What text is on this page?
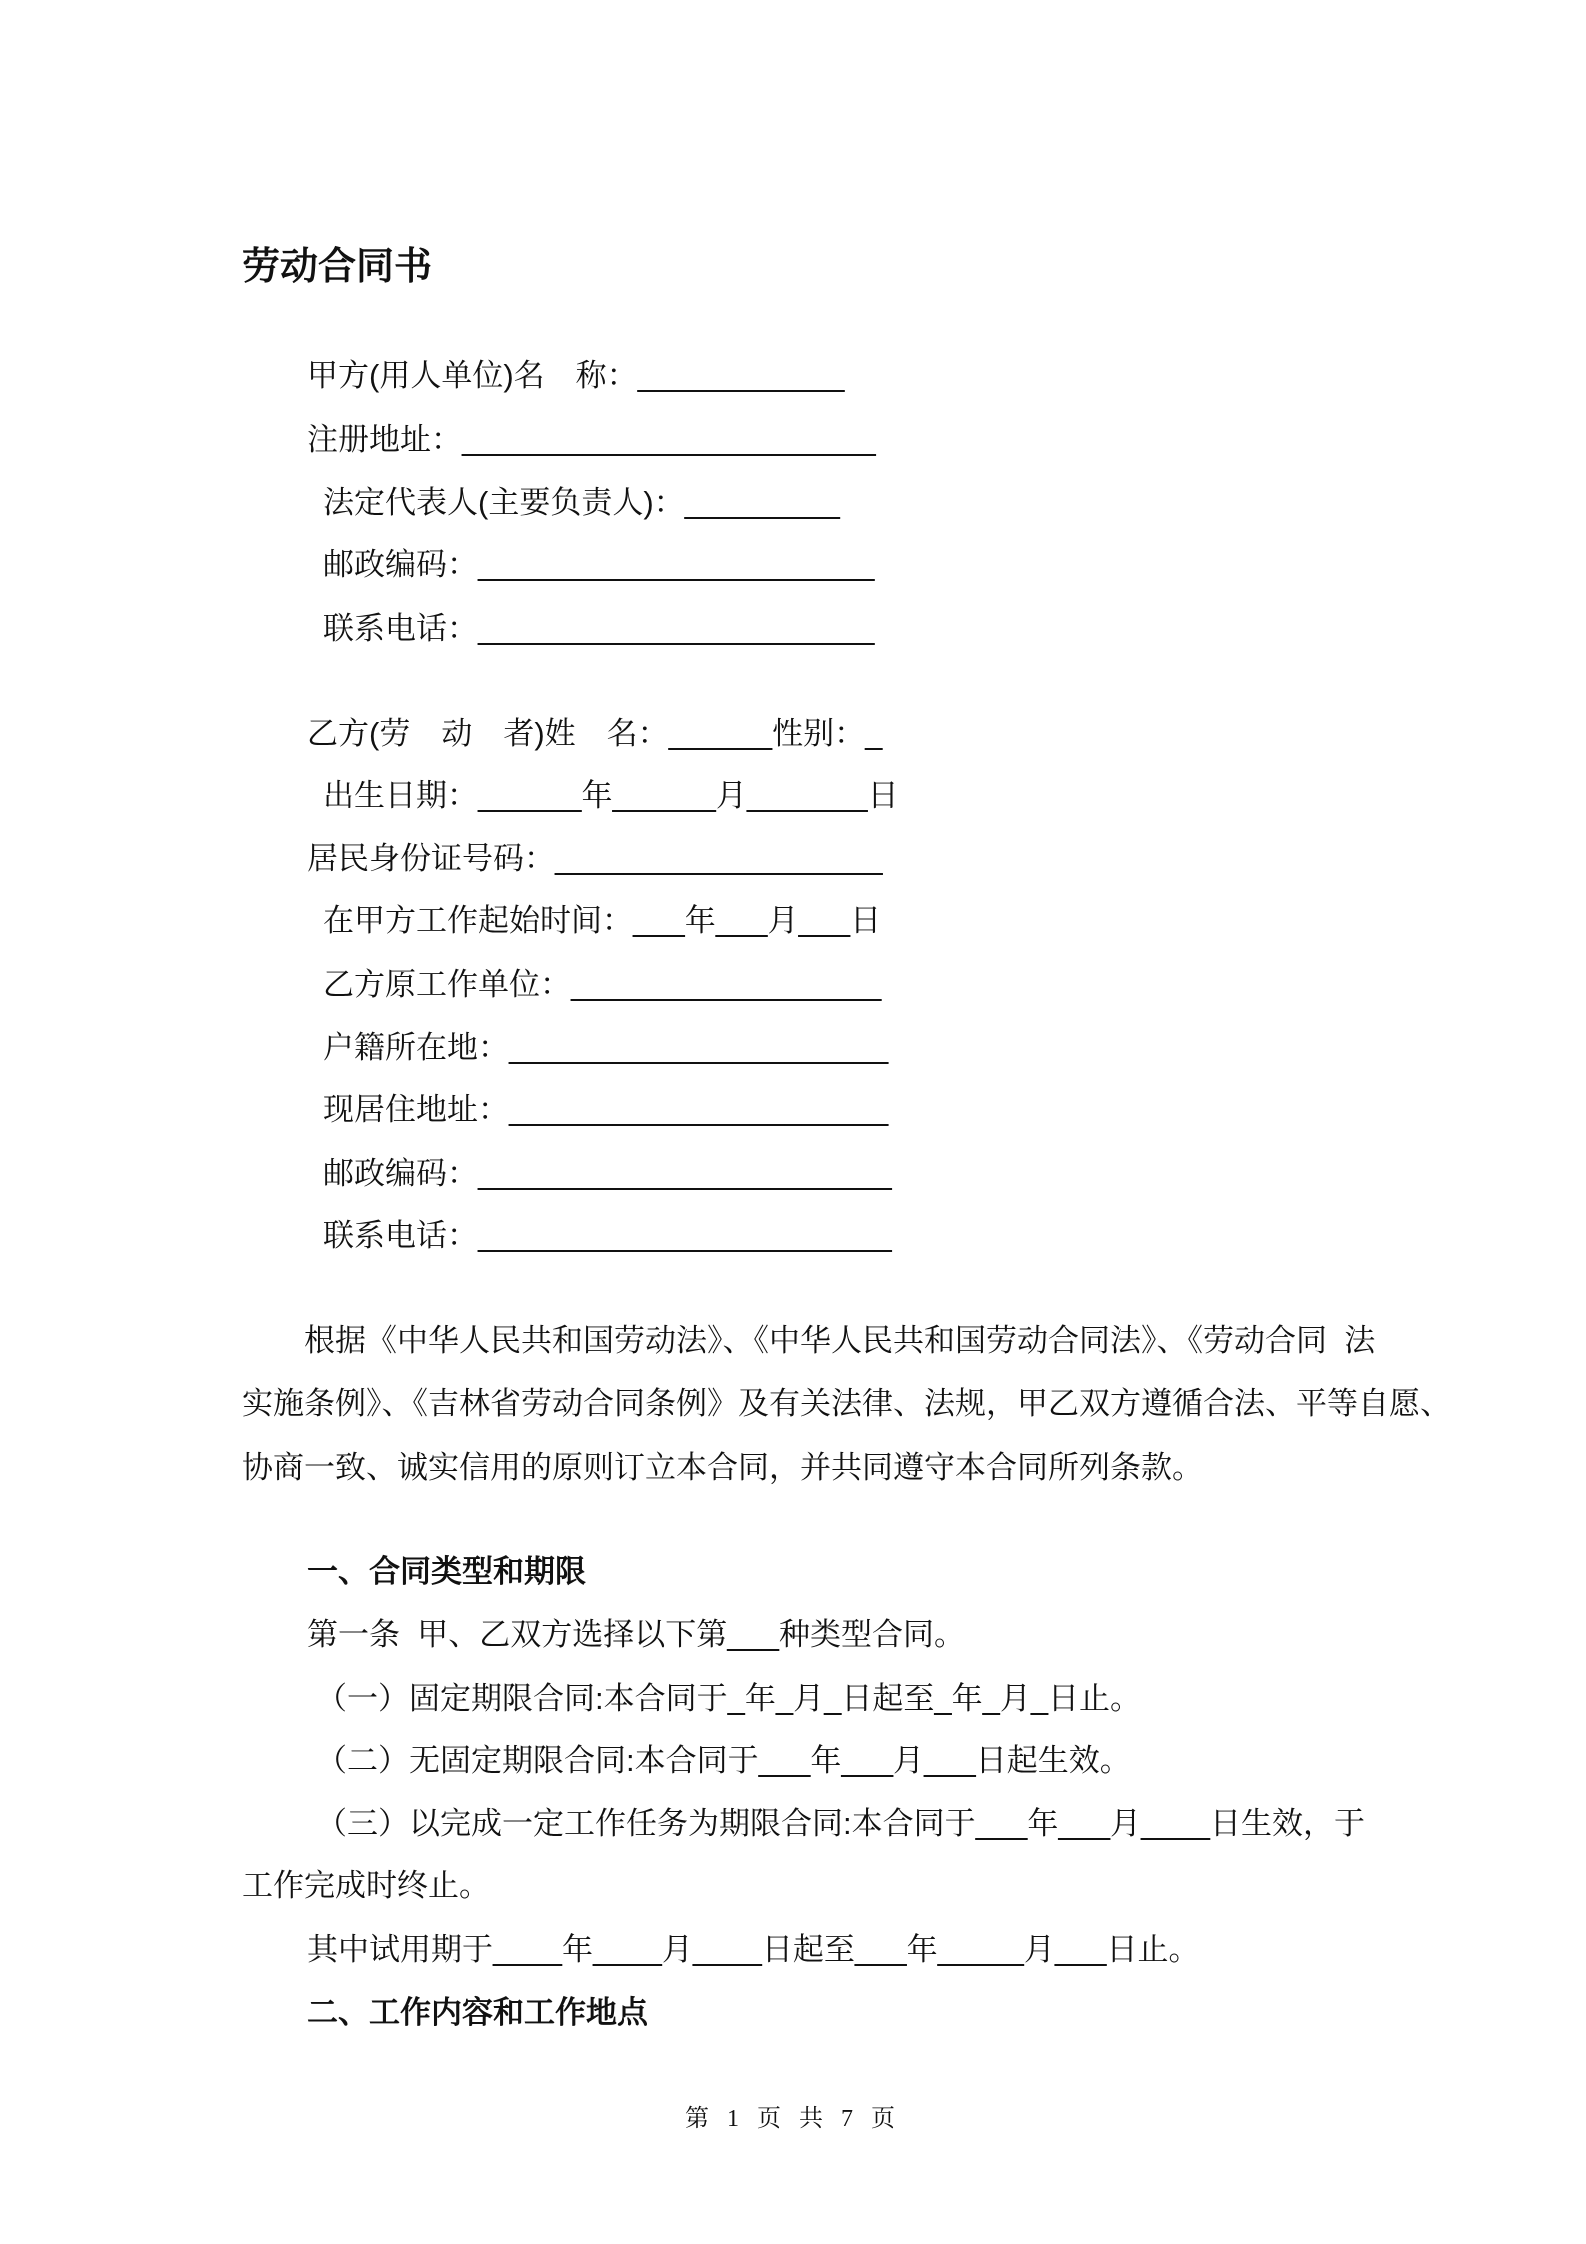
劳动合同书
甲方(用人单位)名　称：____________
注册地址：________________________
法定代表人(主要负责人)：_________
邮政编码：_______________________
联系电话：_______________________
乙方(劳　动　者)姓　名：______性别：_
出生日期：______年______月_______日
居民身份证号码：___________________
在甲方工作起始时间：___年___月___日
乙方原工作单位：__________________
户籍所在地：______________________
现居住地址：______________________
邮政编码：________________________
联系电话：________________________
根据《中华人民共和国劳动法》、《中华人民共和国劳动合同法》、《劳动合同  法
实施条例》、《吉林省劳动合同条例》及有关法律、法规，甲乙双方遵循合法、平等自愿、
协商一致、诚实信用的原则订立本合同，并共同遵守本合同所列条款。
一、合同类型和期限
第一条  甲、乙双方选择以下第___种类型合同。
（一）固定期限合同:本合同于_年_月_日起至_年_月_日止。
（二）无固定期限合同:本合同于___年___月___日起生效。
（三）以完成一定工作任务为期限合同:本合同于___年___月____日生效，于
工作完成时终止。
其中试用期于____年____月____日起至___年_____月___日止。
二、工作内容和工作地点
第 1 页 共 7 页
